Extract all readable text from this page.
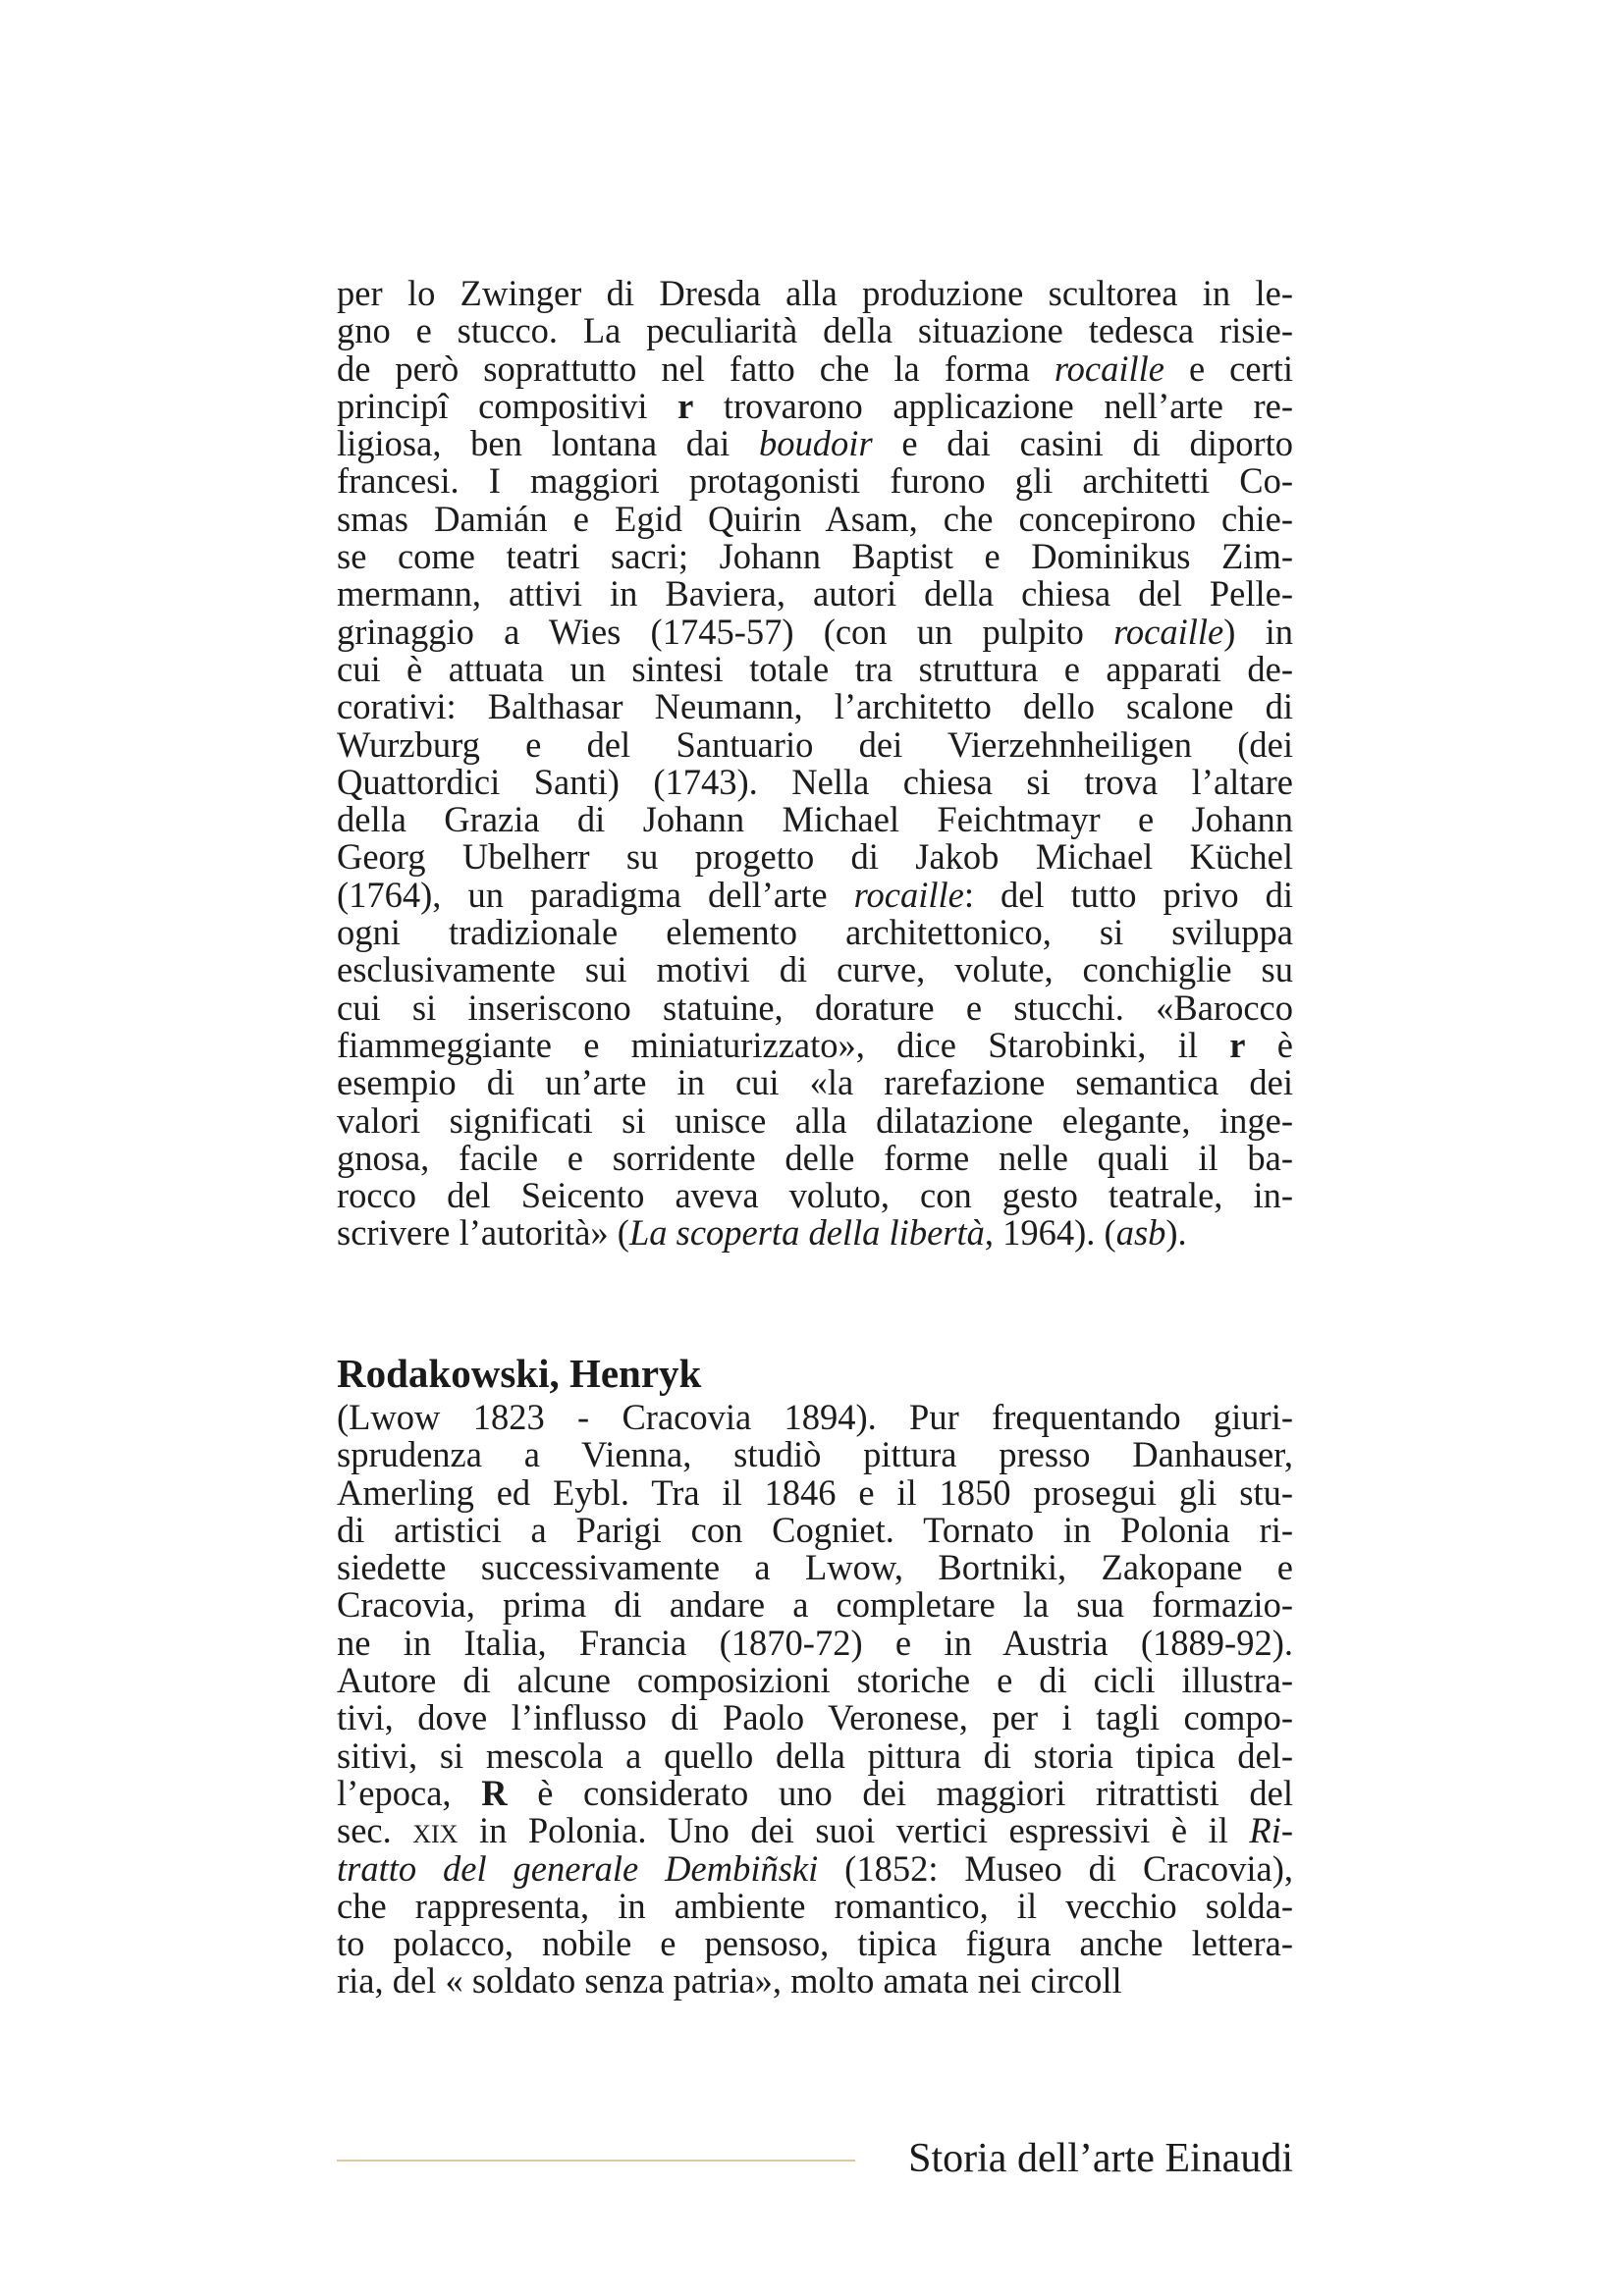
per lo Zwinger di Dresda alla produzione scultorea in le-
gno e stucco. La peculiarità della situazione tedesca risie-
de però soprattutto nel fatto che la forma rocaille e certi
principî compositivi r trovarono applicazione nell’arte re-
ligiosa, ben lontana dai boudoir e dai casini di diporto
francesi. I maggiori protagonisti furono gli architetti Co-
smas Damián e Egid Quirin Asam, che concepirono chie-
se come teatri sacri; Johann Baptist e Dominikus Zim-
mermann, attivi in Baviera, autori della chiesa del Pelle-
grinaggio a Wies (1745-57) (con un pulpito rocaille) in
cui è attuata un sintesi totale tra struttura e apparati de-
corativi: Balthasar Neumann, l’architetto dello scalone di
Wurzburg e del Santuario dei Vierzehnheiligen (dei
Quattordici Santi) (1743). Nella chiesa si trova l’altare
della Grazia di Johann Michael Feichtmayr e Johann
Georg Ubelherr su progetto di Jakob Michael Küchel
(1764), un paradigma dell’arte rocaille: del tutto privo di
ogni tradizionale elemento architettonico, si sviluppa
esclusivamente sui motivi di curve, volute, conchiglie su
cui si inseriscono statuine, dorature e stucchi. «Barocco
fiammeggiante e miniaturizzato», dice Starobinki, il r è
esempio di un’arte in cui «la rarefazione semantica dei
valori significati si unisce alla dilatazione elegante, inge-
gnosa, facile e sorridente delle forme nelle quali il ba-
rocco del Seicento aveva voluto, con gesto teatrale, in-
scrivere l’autorità» (La scoperta della libertà, 1964). (asb).
Rodakowski, Henryk
(Lwow 1823 - Cracovia 1894). Pur frequentando giuri-
sprudenza a Vienna, studiò pittura presso Danhauser,
Amerling ed Eybl. Tra il 1846 e il 1850 prosegui gli stu-
di artistici a Parigi con Cogniet. Tornato in Polonia ri-
siedette successivamente a Lwow, Bortniki, Zakopane e
Cracovia, prima di andare a completare la sua formazio-
ne in Italia, Francia (1870-72) e in Austria (1889-92).
Autore di alcune composizioni storiche e di cicli illustra-
tivi, dove l’influsso di Paolo Veronese, per i tagli compo-
sitivi, si mescola a quello della pittura di storia tipica del-
l’epoca, R è considerato uno dei maggiori ritrattisti del
sec. xix in Polonia. Uno dei suoi vertici espressivi è il Ri-
tratto del generale Dembiñski (1852: Museo di Cracovia),
che rappresenta, in ambiente romantico, il vecchio solda-
to polacco, nobile e pensoso, tipica figura anche lettera-
ria, del « soldato senza patria», molto amata nei circoll
Storia dell’arte Einaudi
